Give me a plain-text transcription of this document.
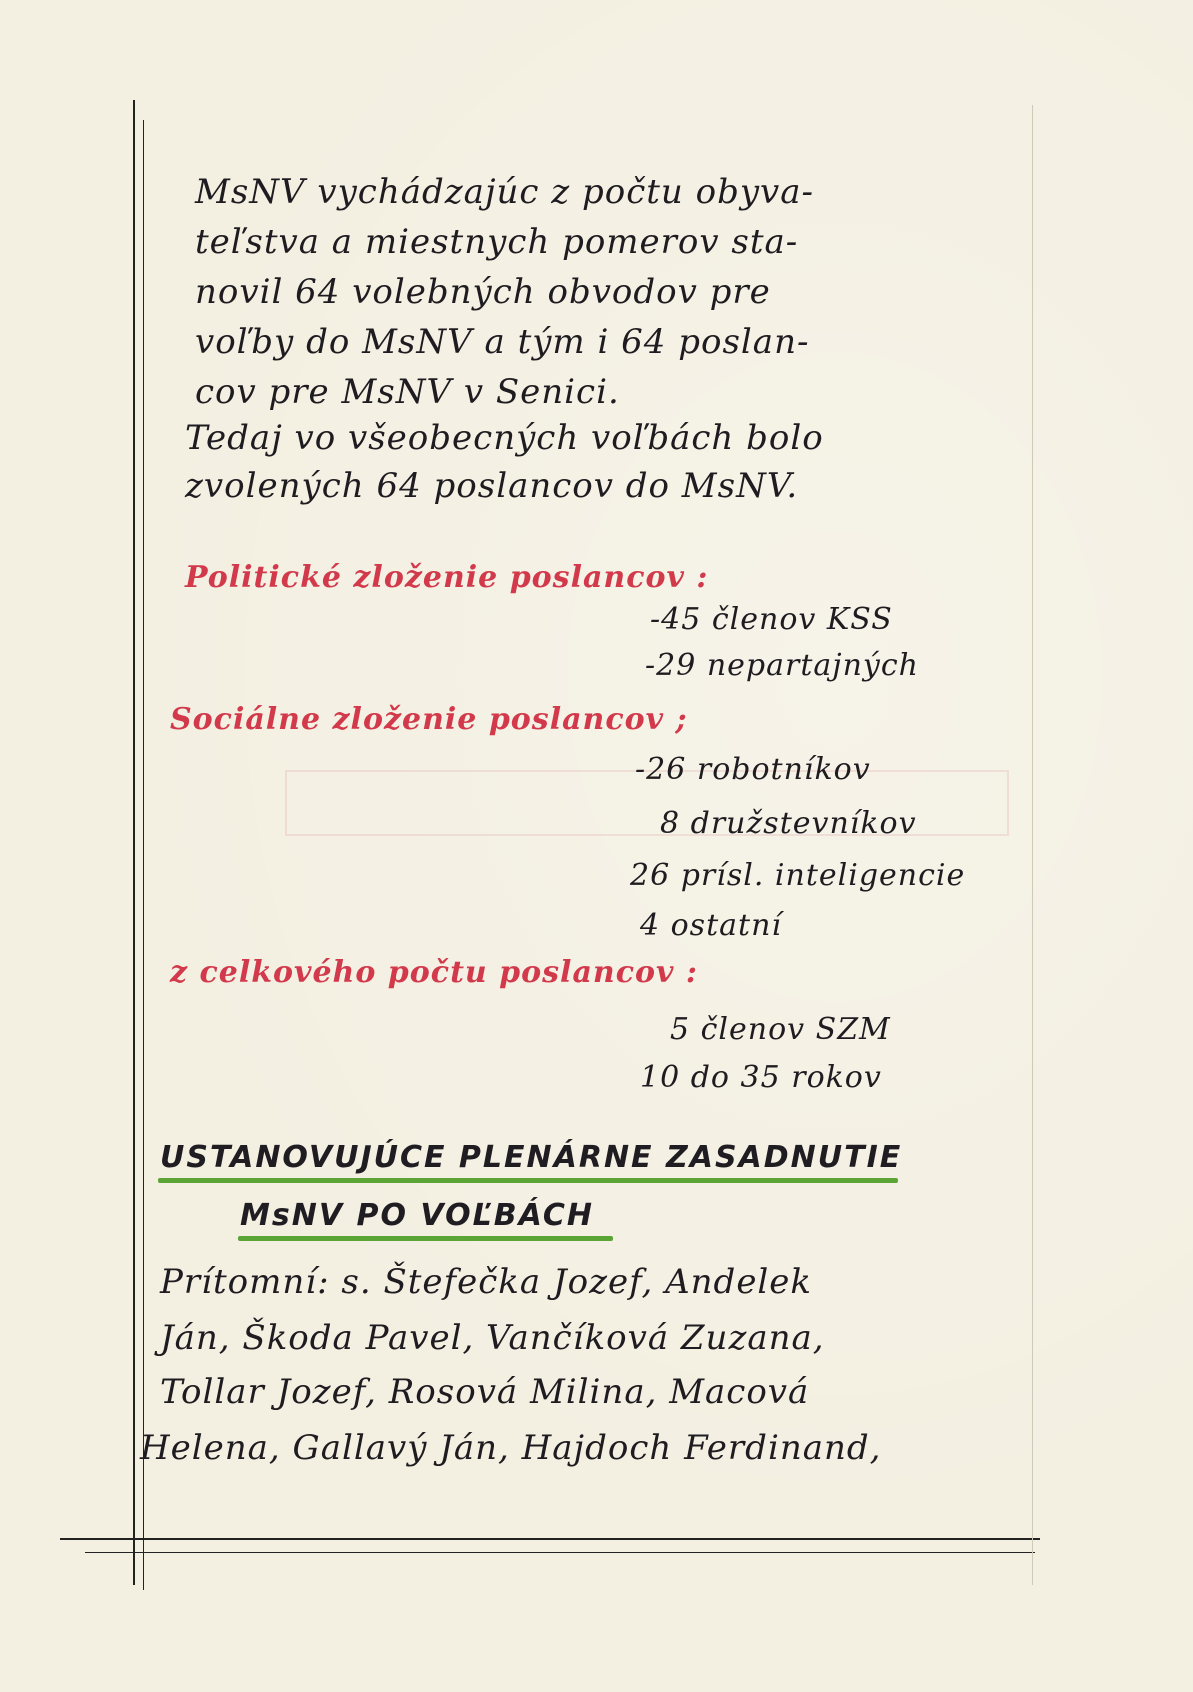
MsNV vychádzajúc z počtu obyva-
teľstva a miestnych pomerov sta-
novil 64 volebných obvodov pre
voľby do MsNV a tým i 64 poslan-
cov pre MsNV v Senici.
Tedaj vo všeobecných voľbách bolo
zvolených 64 poslancov do MsNV.
Politické zloženie poslancov :
-45 členov KSS
-29 nepartajných
Sociálne zloženie poslancov ;
-26 robotníkov
8 družstevníkov
26 prísl. inteligencie
4 ostatní
z celkového počtu poslancov :
5 členov SZM
10 do 35 rokov
USTANOVUJÚCE PLENÁRNE ZASADNUTIE
MsNV PO VOĽBÁCH
Prítomní: s. Štefečka Jozef, Andelek
Ján, Škoda Pavel, Vančíková Zuzana,
Tollar Jozef, Rosová Milina, Macová
Helena, Gallavý Ján, Hajdoch Ferdinand,
